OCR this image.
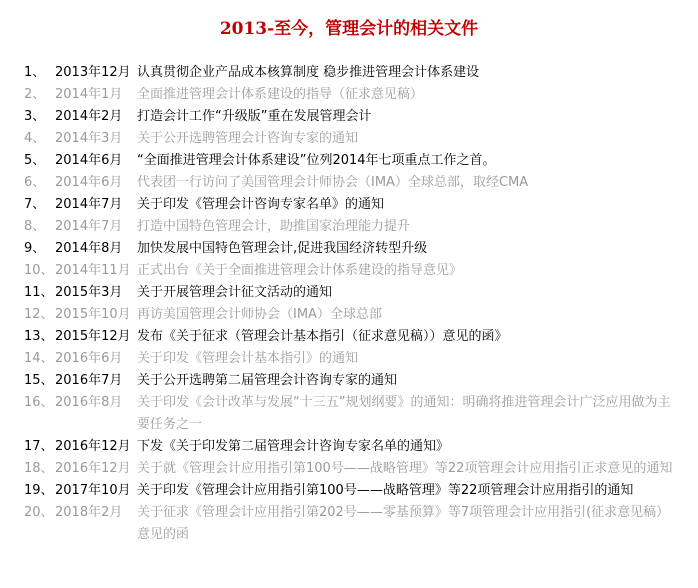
2013-至今，管理会计的相关文件
1、 2013年12月 认真贯彻企业产品成本核算制度 稳步推进管理会计体系建设
2、 2014年1月	全面推进管理会计体系建设的指导（征求意见稿）
3、 2014年2月	打造会计工作“升级版”重在发展管理会计
4、 2014年3月	关于公开选聘管理会计咨询专家的通知
5、 2014年6月	“全面推进管理会计体系建设”位列2014年七项重点工作之首。
6、 2014年6月	代表团一行访问了美国管理会计师协会（IMA）全球总部，取经CMA
7、 2014年7月	关于印发《管理会计咨询专家名单》的通知
8、 2014年7月	打造中国特色管理会计，助推国家治理能力提升
9、 2014年8月	加快发展中国特色管理会计,促进我国经济转型升级
10、 2014年11月 正式出台《关于全面推进管理会计体系建设的指导意见》
11、 2015年3月	关于开展管理会计征文活动的通知
12、 2015年10月 再访美国管理会计师协会（IMA）全球总部
13、 2015年12月 发布《关于征求（管理会计基本指引（征求意见稿））意见的函》
14、 2016年6月	关于印发《管理会计基本指引》的通知
15、 2016年7月	关于公开选聘第二届管理会计咨询专家的通知
16、 2016年8月	关于印发《会计改革与发展“十三五”规划纲要》的通知：明确将推进管理会计广泛应用做为主要任务之一
17、 2016年12月 下发《关于印发第二届管理会计咨询专家名单的通知》
18、 2016年12月 关于就《管理会计应用指引第100号——战略管理》等22项管理会计应用指引正求意见的通知
19、 2017年10月 关于印发《管理会计应用指引第100号——战略管理》等22项管理会计应用指引的通知
20、 2018年2月	关于征求《管理会计应用指引第202号——零基预算》等7项管理会计应用指引(征求意见稿）意见的函
